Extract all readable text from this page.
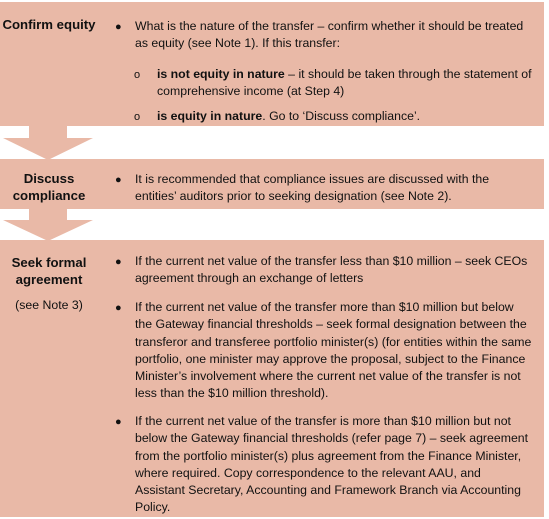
Confirm equity ● What is the nature of the transfer – confirm whether it should be treated as equity (see Note 1). If this transfer:
o is not equity in nature – it should be taken through the statement of comprehensive income (at Step 4)
o is equity in nature. Go to ‘Discuss compliance’.
Discuss compliance
● It is recommended that compliance issues are discussed with the entities’ auditors prior to seeking designation (see Note 2).
Seek formal agreement
(see Note 3)
● If the current net value of the transfer less than $10 million – seek CEOs agreement through an exchange of letters
● If the current net value of the transfer more than $10 million but below the Gateway financial thresholds – seek formal designation between the transferor and transferee portfolio minister(s) (for entities within the same portfolio, one minister may approve the proposal, subject to the Finance Minister’s involvement where the current net value of the transfer is not less than the $10 million threshold).
● If the current net value of the transfer is more than $10 million but not below the Gateway financial thresholds (refer page 7) – seek agreement from the portfolio minister(s) plus agreement from the Finance Minister, where required. Copy correspondence to the relevant AAU, and Assistant Secretary, Accounting and Framework Branch via Accounting Policy.
